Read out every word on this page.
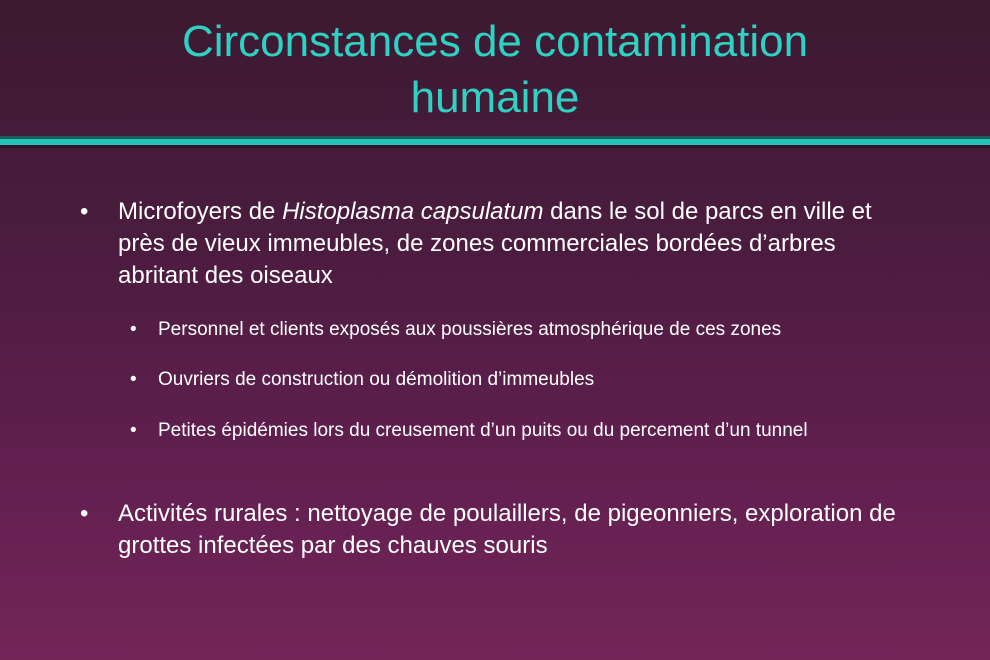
Circonstances de contamination
humaine
• Microfoyers de Histoplasma capsulatum dans le sol de parcs en ville et près de vieux immeubles, de zones commerciales bordées d’arbres abritant des oiseaux
• Personnel et clients exposés aux poussières atmosphérique de ces zones
• Ouvriers de construction ou démolition d’immeubles
• Petites épidémies lors du creusement d’un puits ou du percement d’un tunnel
• Activités rurales : nettoyage de poulaillers, de pigeonniers, exploration de grottes infectées par des chauves souris
